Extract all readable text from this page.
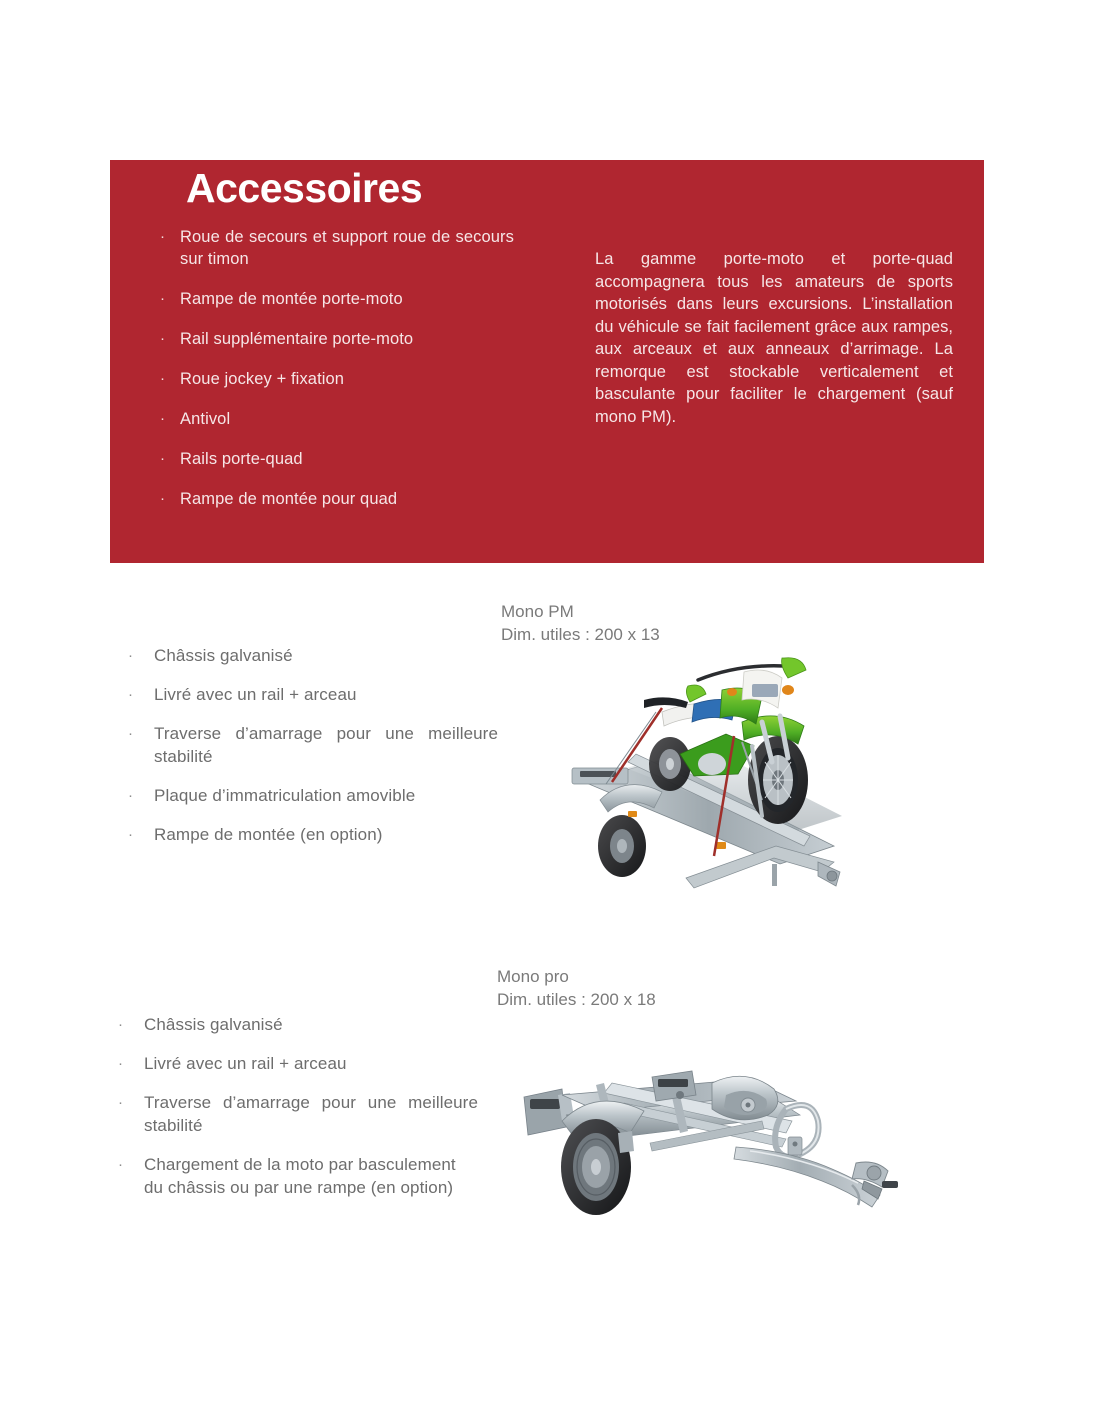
Accessoires
· Roue de secours et support roue de secours sur timon
· Rampe de montée porte-moto
· Rail supplémentaire porte-moto
· Roue jockey + fixation
· Antivol
· Rails porte-quad
· Rampe de montée pour quad
La gamme porte-moto et porte-quad accompagnera tous les amateurs de sports motorisés dans leurs excursions. L’installation du véhicule se fait facilement grâce aux rampes, aux arceaux et aux anneaux d’arrimage. La remorque est stockable verticalement et basculante pour faciliter le chargement (sauf mono PM).
Mono PM
Dim. utiles : 200 x 13
·	Châssis galvanisé
·	Livré avec un rail + arceau
·	Traverse d’amarrage pour une meilleure stabilité
·	Plaque d’immatriculation amovible
·	Rampe de montée (en option)
Mono pro
Dim. utiles : 200 x 18
·	Châssis galvanisé
·	Livré avec un rail + arceau
·	Traverse d’amarrage pour une meilleure stabilité
·	Chargement de la moto par basculement du châssis ou par une rampe (en option)
